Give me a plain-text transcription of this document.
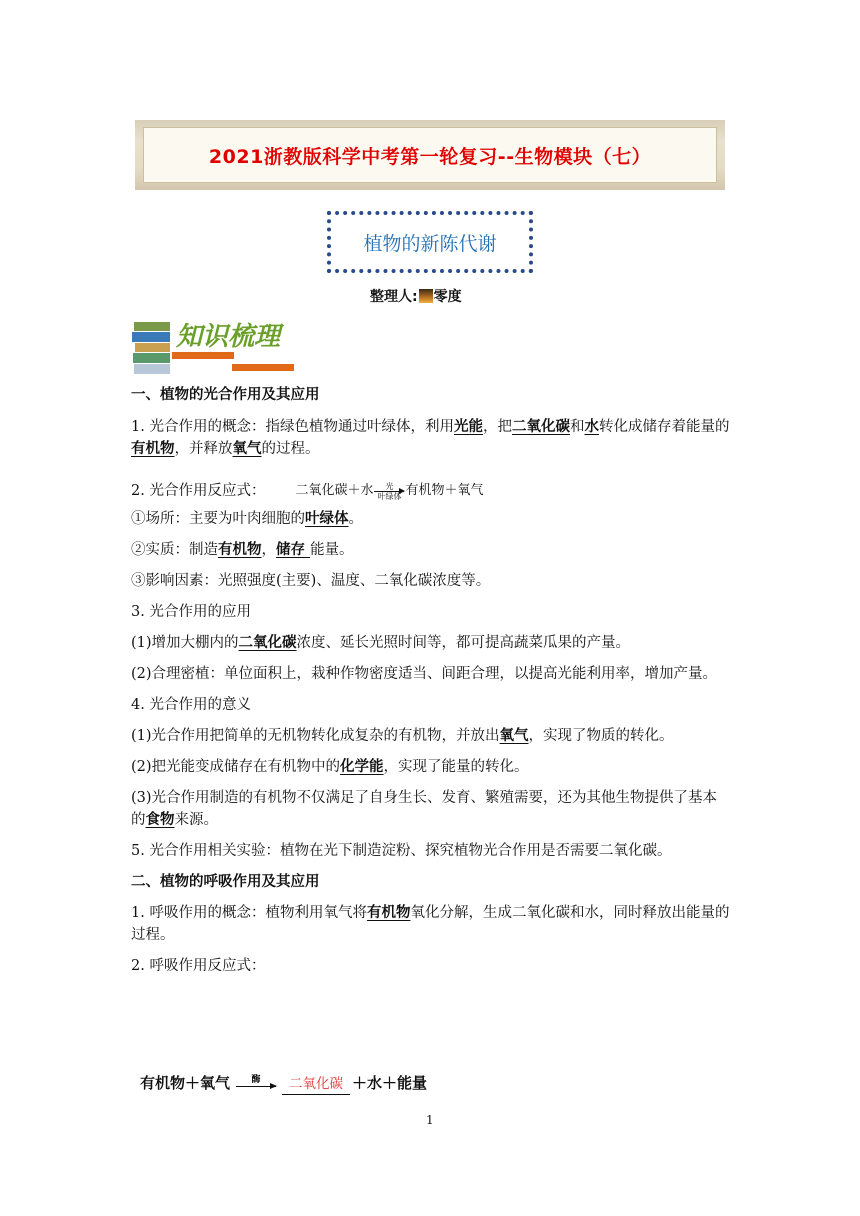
2021浙教版科学中考第一轮复习--生物模块（七）
植物的新陈代谢
整理人: 零度
知识梳理

一、植物的光合作用及其应用

1. 光合作用的概念：指绿色植物通过叶绿体，利用光能，把二氧化碳和水转化成储存着能量的有机物，并释放氧气的过程。

2. 光合作用反应式： 二氧化碳＋水 光
叶绿体 有机物＋氧气

①场所：主要为叶肉细胞的叶绿体。

②实质：制造有机物，储存 能量。

③影响因素：光照强度(主要)、温度、二氧化碳浓度等。

3. 光合作用的应用

(1)增加大棚内的二氧化碳浓度、延长光照时间等，都可提高蔬菜瓜果的产量。

(2)合理密植：单位面积上，栽种作物密度适当、间距合理，以提高光能利用率，增加产量。

4. 光合作用的意义

(1)光合作用把简单的无机物转化成复杂的有机物，并放出氧气，实现了物质的转化。

(2)把光能变成储存在有机物中的化学能，实现了能量的转化。

(3)光合作用制造的有机物不仅满足了自身生长、发育、繁殖需要，还为其他生物提供了基本的食物来源。

5. 光合作用相关实验：植物在光下制造淀粉、探究植物光合作用是否需要二氧化碳。

二、植物的呼吸作用及其应用

1. 呼吸作用的概念：植物利用氧气将有机物氧化分解，生成二氧化碳和水，同时释放出能量的过程。

2. 呼吸作用反应式：

有机物＋氧气 酶	二氧化碳 ＋水＋能量
1
